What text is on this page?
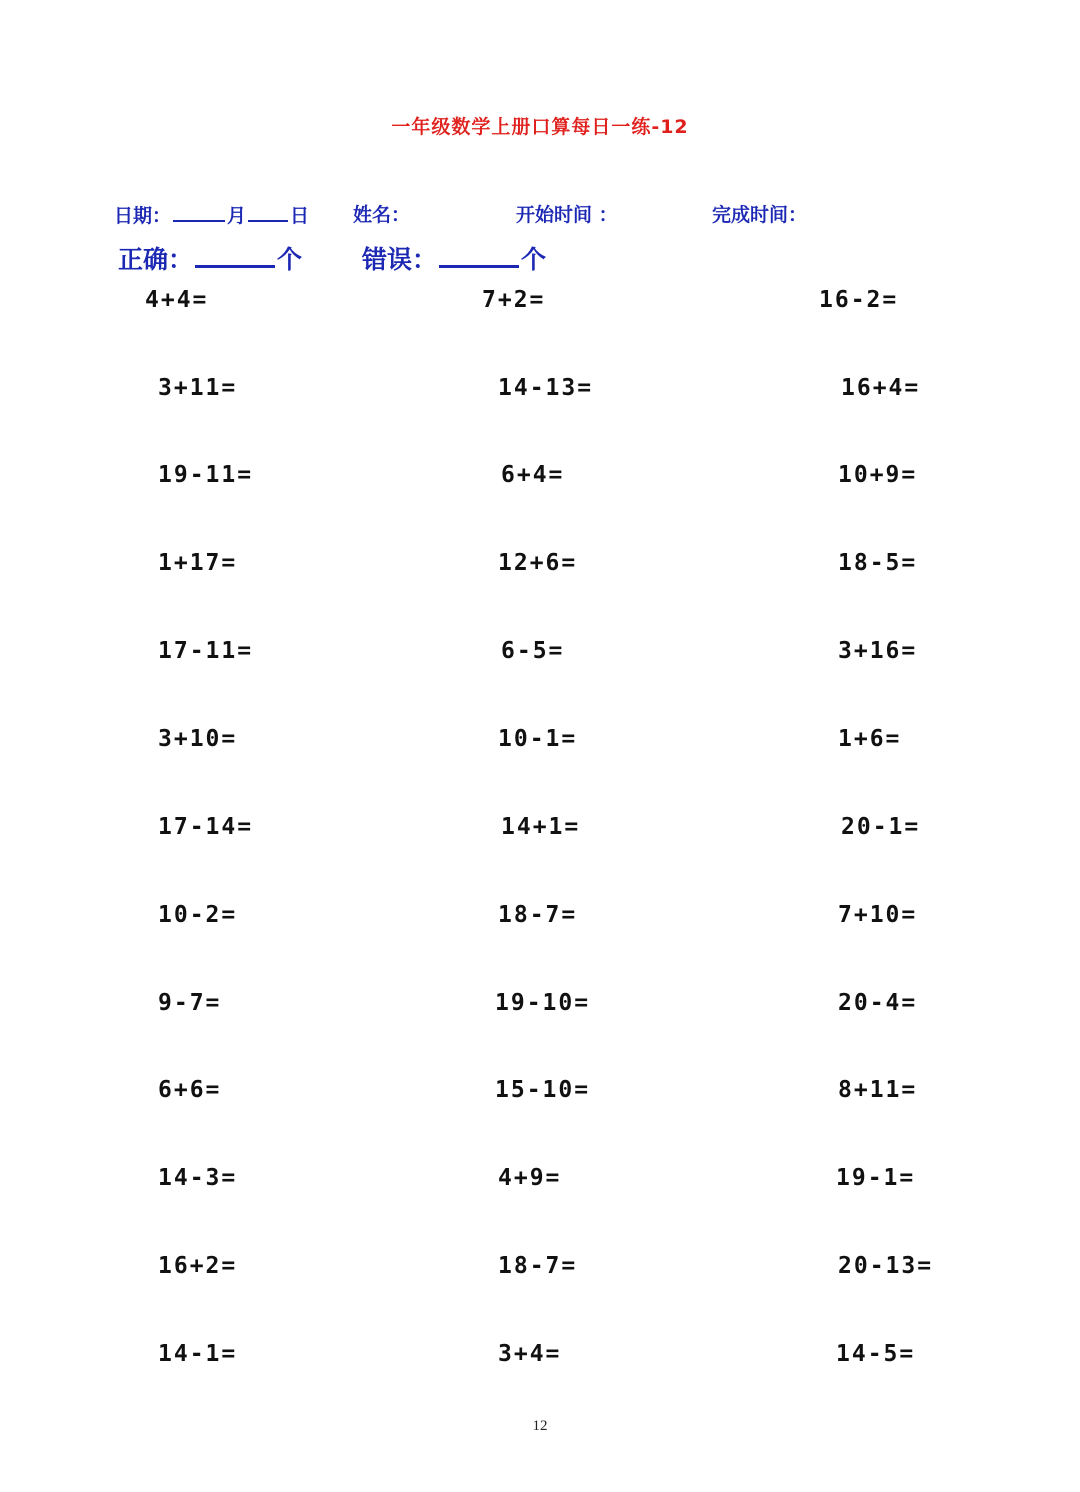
一年级数学上册口算每日一练-12
日期：	月 日 姓名：	开始时间 ：	完成时间：
正确：	个 错误：	个
4+4=	7+2=	16-2=
3+11=	14-13=	16+4=
19-11=	6+4=	10+9=
1+17=	12+6=	18-5=
17-11=	6-5=	3+16=
3+10=	10-1=	1+6=
17-14=	14+1=	20-1=
10-2=	18-7=	7+10=
9-7=	19-10=	20-4=
6+6=	15-10=	8+11=
14-3=	4+9=	19-1=
16+2=	18-7=	20-13=
14-1=	3+4=	14-5=
12
